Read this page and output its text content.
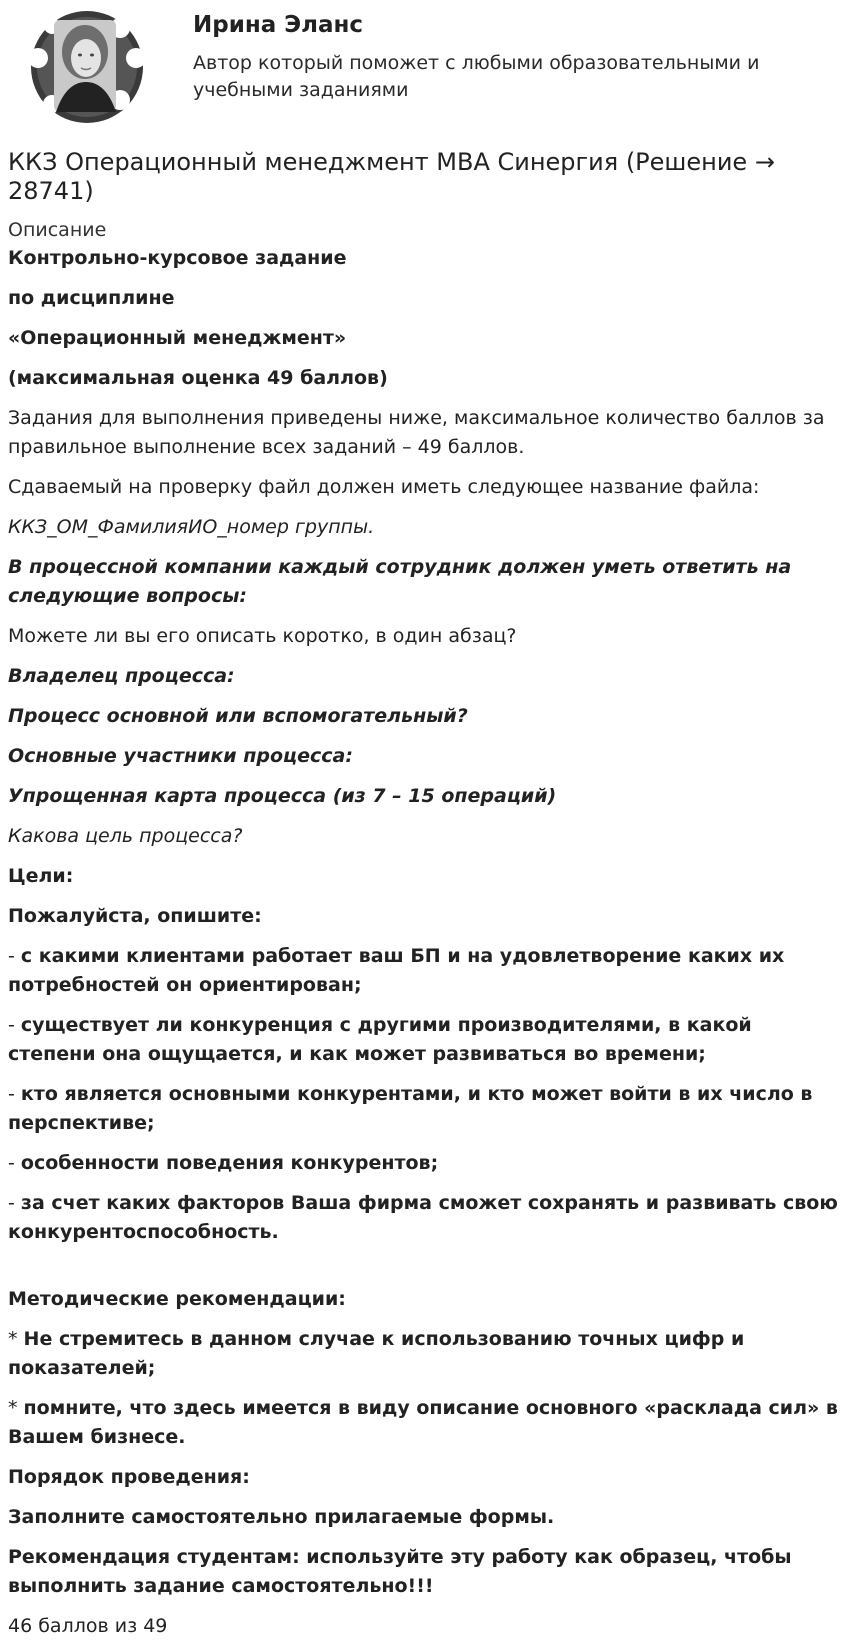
Ирина Эланс

Автор который поможет с любыми образовательными и учебными заданиями

ККЗ Операционный менеджмент МВА Синергия (Решение → 28741)
Описание

Контрольно-курсовое задание

по дисциплине

«Операционный менеджмент»

(максимальная оценка 49 баллов)

Задания для выполнения приведены ниже, максимальное количество баллов за правильное выполнение всех заданий – 49 баллов.

Сдаваемый на проверку файл должен иметь следующее название файла:

ККЗ_ОМ_ФамилияИО_номер группы.

В процессной компании каждый сотрудник должен уметь ответить на следующие вопросы:

Можете ли вы его описать коротко, в один абзац?

Владелец процесса:

Процесс основной или вспомогательный?

Основные участники процесса:

Упрощенная карта процесса (из 7 – 15 операций)

Какова цель процесса?

Цели:

Пожалуйста, опишите:

- с какими клиентами работает ваш БП и на удовлетворение каких их потребностей он ориентирован;

- существует ли конкуренция с другими производителями, в какой степени она ощущается, и как может развиваться во времени;

- кто является основными конкурентами, и кто может войти в их число в перспективе;

- особенности поведения конкурентов;

- за счет каких факторов Ваша фирма сможет сохранять и развивать свою конкурентоспособность.

Методические рекомендации:

* Не стремитесь в данном случае к использованию точных цифр и показателей;

* помните, что здесь имеется в виду описание основного «расклада сил» в Вашем бизнесе.

Порядок проведения:

Заполните самостоятельно прилагаемые формы.

Рекомендация студентам: используйте эту работу как образец, чтобы выполнить задание самостоятельно!!!

46 баллов из 49
